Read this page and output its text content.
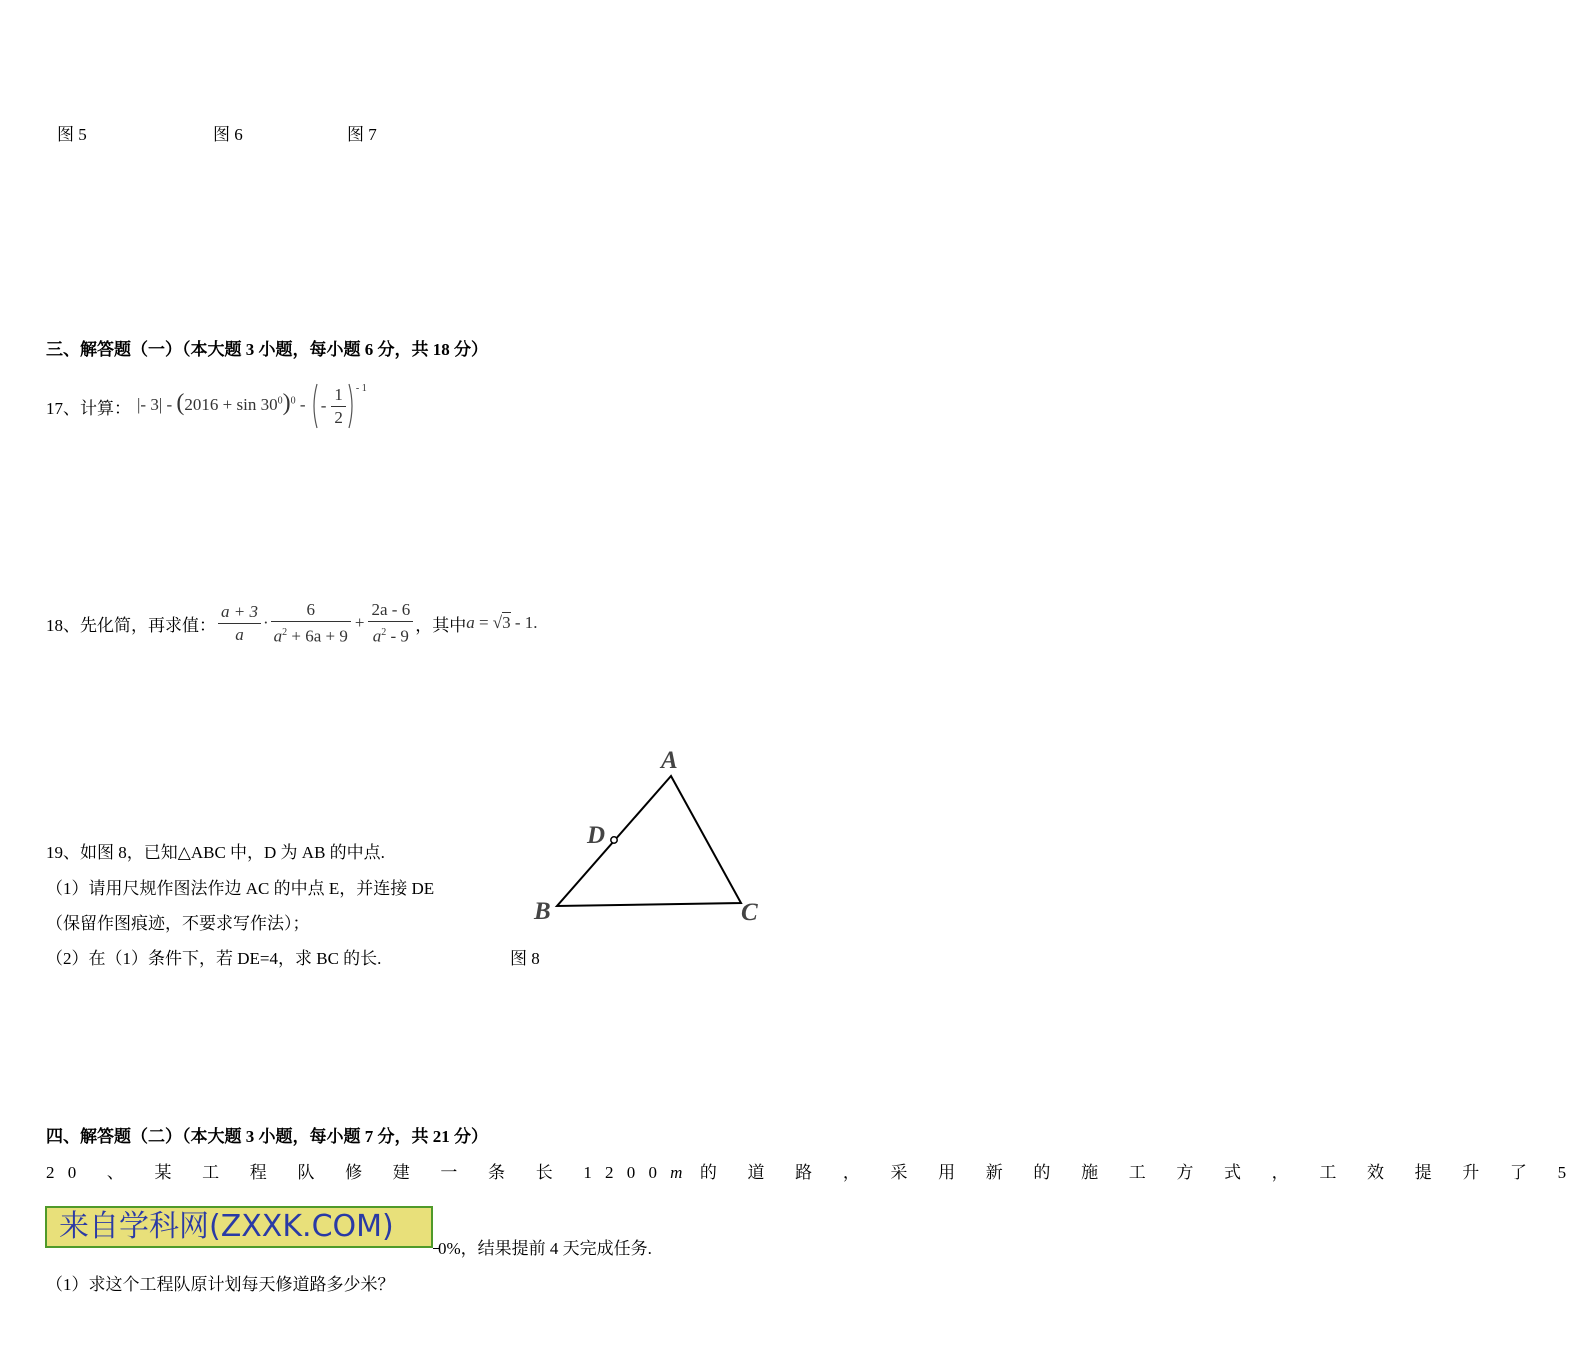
图 5	图 6	图 7
三、解答题（一）（本大题 3 小题，每小题 6 分，共 18 分）
17、计算： |- $3| - (2016 + \sin 30^0)^0$ - - $\frac{1}{2} ^{- 1}$
18、先化简，再求值： $\frac{a + 3}{a} \cdot \frac{6}{a^2 + 6a + 9} + \frac{2a - 6}{a^2 - 9}$ ，其中 a = √3 - 1.
19、如图 8，已知△ABC 中，D 为 AB 的中点.
（1）请用尺规作图法作边 AC 的中点 E，并连接 DE
（保留作图痕迹，不要求写作法）；
（2）在（1）条件下，若 DE=4，求 BC 的长.	图 8
A
D
B	C
四、解答题（二）（本大题 3 小题，每小题 7 分，共 21 分）
20 、 某 工 程 队 修 建 一 条 长 1200m 的 道 路 ， 采 用 新 的 施 工 方 式 ， 工 效 提 升 了 5
来自学科网(ZXXK.COM)
0%，结果提前 4 天完成任务.
（1）求这个工程队原计划每天修道路多少米？
